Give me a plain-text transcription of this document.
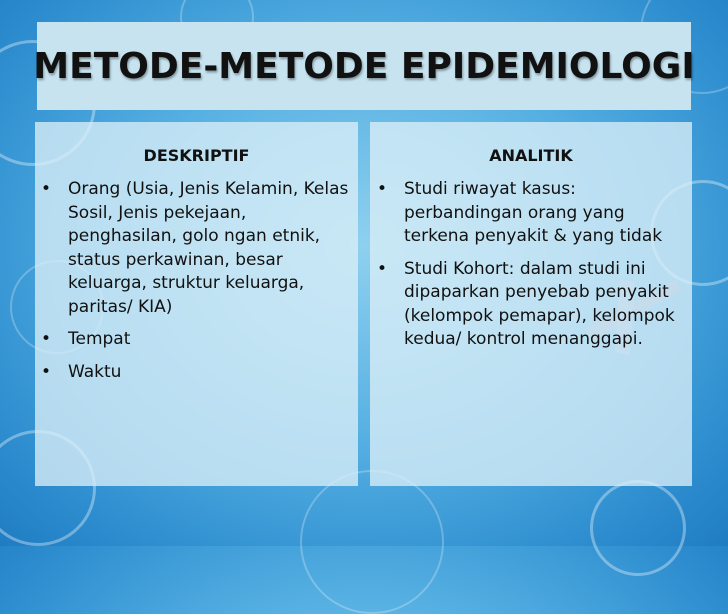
METODE-METODE EPIDEMIOLOGI
DESKRIPTIF
• Orang (Usia, Jenis Kelamin, Kelas Sosil, Jenis pekejaan, penghasilan, golo ngan etnik, status perkawinan, besar keluarga, struktur keluarga, paritas/ KIA)
• Tempat
• Waktu
ANALITIK
• Studi riwayat kasus: perbandingan orang yang terkena penyakit & yang tidak
• Studi Kohort: dalam studi ini dipaparkan penyebab penyakit (kelompok pemapar), kelompok kedua/ kontrol menanggapi.
